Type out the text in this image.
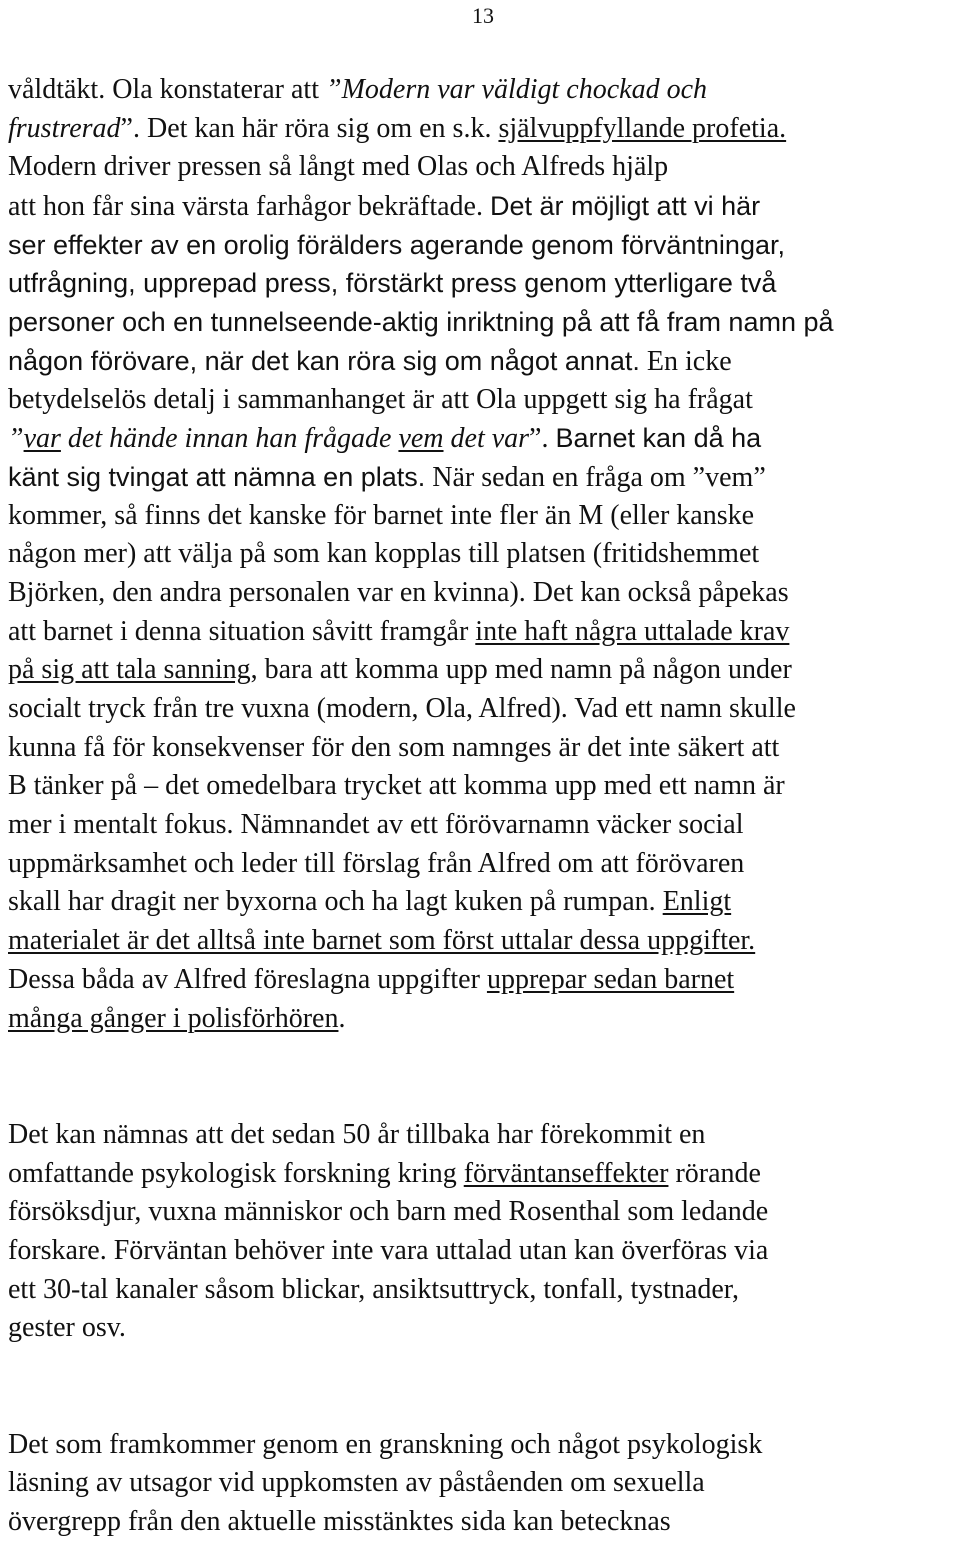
13
våldtäkt. Ola konstaterar att ”Modern var väldigt chockad och
frustrerad”. Det kan här röra sig om en s.k. självuppfyllande profetia.
Modern driver pressen så långt med Olas och Alfreds hjälp
att hon får sina värsta farhågor bekräftade. Det är möjligt att vi här
ser effekter av en orolig förälders agerande genom förväntningar,
utfrågning, upprepad press, förstärkt press genom ytterligare två
personer och en tunnelseende-aktig inriktning på att få fram namn på
någon förövare, när det kan röra sig om något annat. En icke
betydelselös detalj i sammanhanget är att Ola uppgett sig ha frågat
”var det hände innan han frågade vem det var”. Barnet kan då ha
känt sig tvingat att nämna en plats. När sedan en fråga om ”vem”
kommer, så finns det kanske för barnet inte fler än M (eller kanske
någon mer) att välja på som kan kopplas till platsen (fritidshemmet
Björken, den andra personalen var en kvinna). Det kan också påpekas
att barnet i denna situation såvitt framgår inte haft några uttalade krav
på sig att tala sanning, bara att komma upp med namn på någon under
socialt tryck från tre vuxna (modern, Ola, Alfred). Vad ett namn skulle
kunna få för konsekvenser för den som namnges är det inte säkert att
B tänker på – det omedelbara trycket att komma upp med ett namn är
mer i mentalt fokus. Nämnandet av ett förövarnamn väcker social
uppmärksamhet och leder till förslag från Alfred om att förövaren
skall har dragit ner byxorna och ha lagt kuken på rumpan. Enligt
materialet är det alltså inte barnet som först uttalar dessa uppgifter.
Dessa båda av Alfred föreslagna uppgifter upprepar sedan barnet
många gånger i polisförhören.
Det kan nämnas att det sedan 50 år tillbaka har förekommit en
omfattande psykologisk forskning kring förväntanseffekter rörande
försöksdjur, vuxna människor och barn med Rosenthal som ledande
forskare. Förväntan behöver inte vara uttalad utan kan överföras via
ett 30-tal kanaler såsom blickar, ansiktsuttryck, tonfall, tystnader,
gester osv.
Det som framkommer genom en granskning och något psykologisk
läsning av utsagor vid uppkomsten av påståenden om sexuella
övergrepp från den aktuelle misstänktes sida kan betecknas
